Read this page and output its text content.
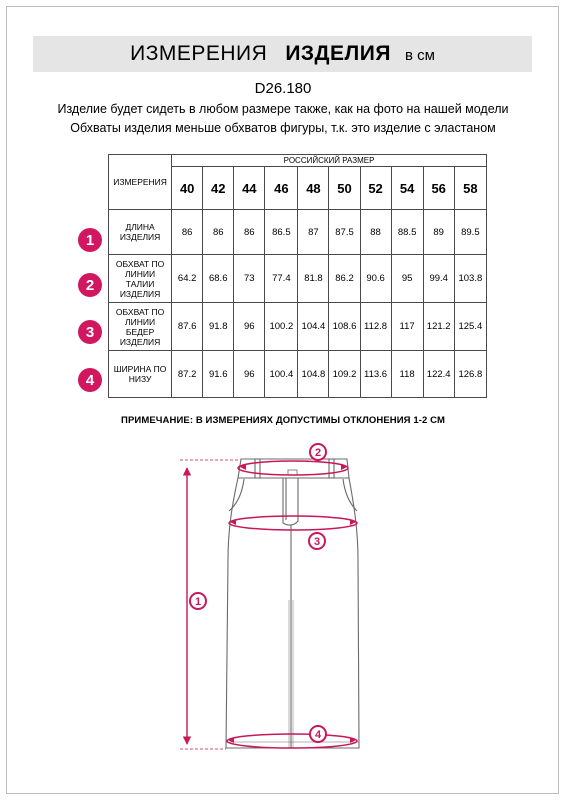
ИЗМЕРЕНИЯ ИЗДЕЛИЯ в см
D26.180
Изделие будет сидеть в любом размере также, как на фото на нашей модели
Обхваты изделия меньше обхватов фигуры, т.к. это изделие с эластаном
ИЗМЕРЕНИЯ	РОССИЙСКИЙ РАЗМЕР									
	40	42	44	46	48	50	52	54	56	58
ДЛИНА
ИЗДЕЛИЯ	86	86	86	86.5	87	87.5	88	88.5	89	89.5
ОБХВАТ ПО
ЛИНИИ
ТАЛИИ
ИЗДЕЛИЯ	64.2	68.6	73	77.4	81.8	86.2	90.6	95	99.4	103.8
ОБХВАТ ПО
ЛИНИИ
БЕДЕР
ИЗДЕЛИЯ	87.6	91.8	96	100.2	104.4	108.6	112.8	117	121.2	125.4
ШИРИНА ПО
НИЗУ	87.2	91.6	96	100.4	104.8	109.2	113.6	118	122.4	126.8
1
2
3
4
ПРИМЕЧАНИЕ: В ИЗМЕРЕНИЯХ ДОПУСТИМЫ ОТКЛОНЕНИЯ 1-2 СМ
1
2
3
4
